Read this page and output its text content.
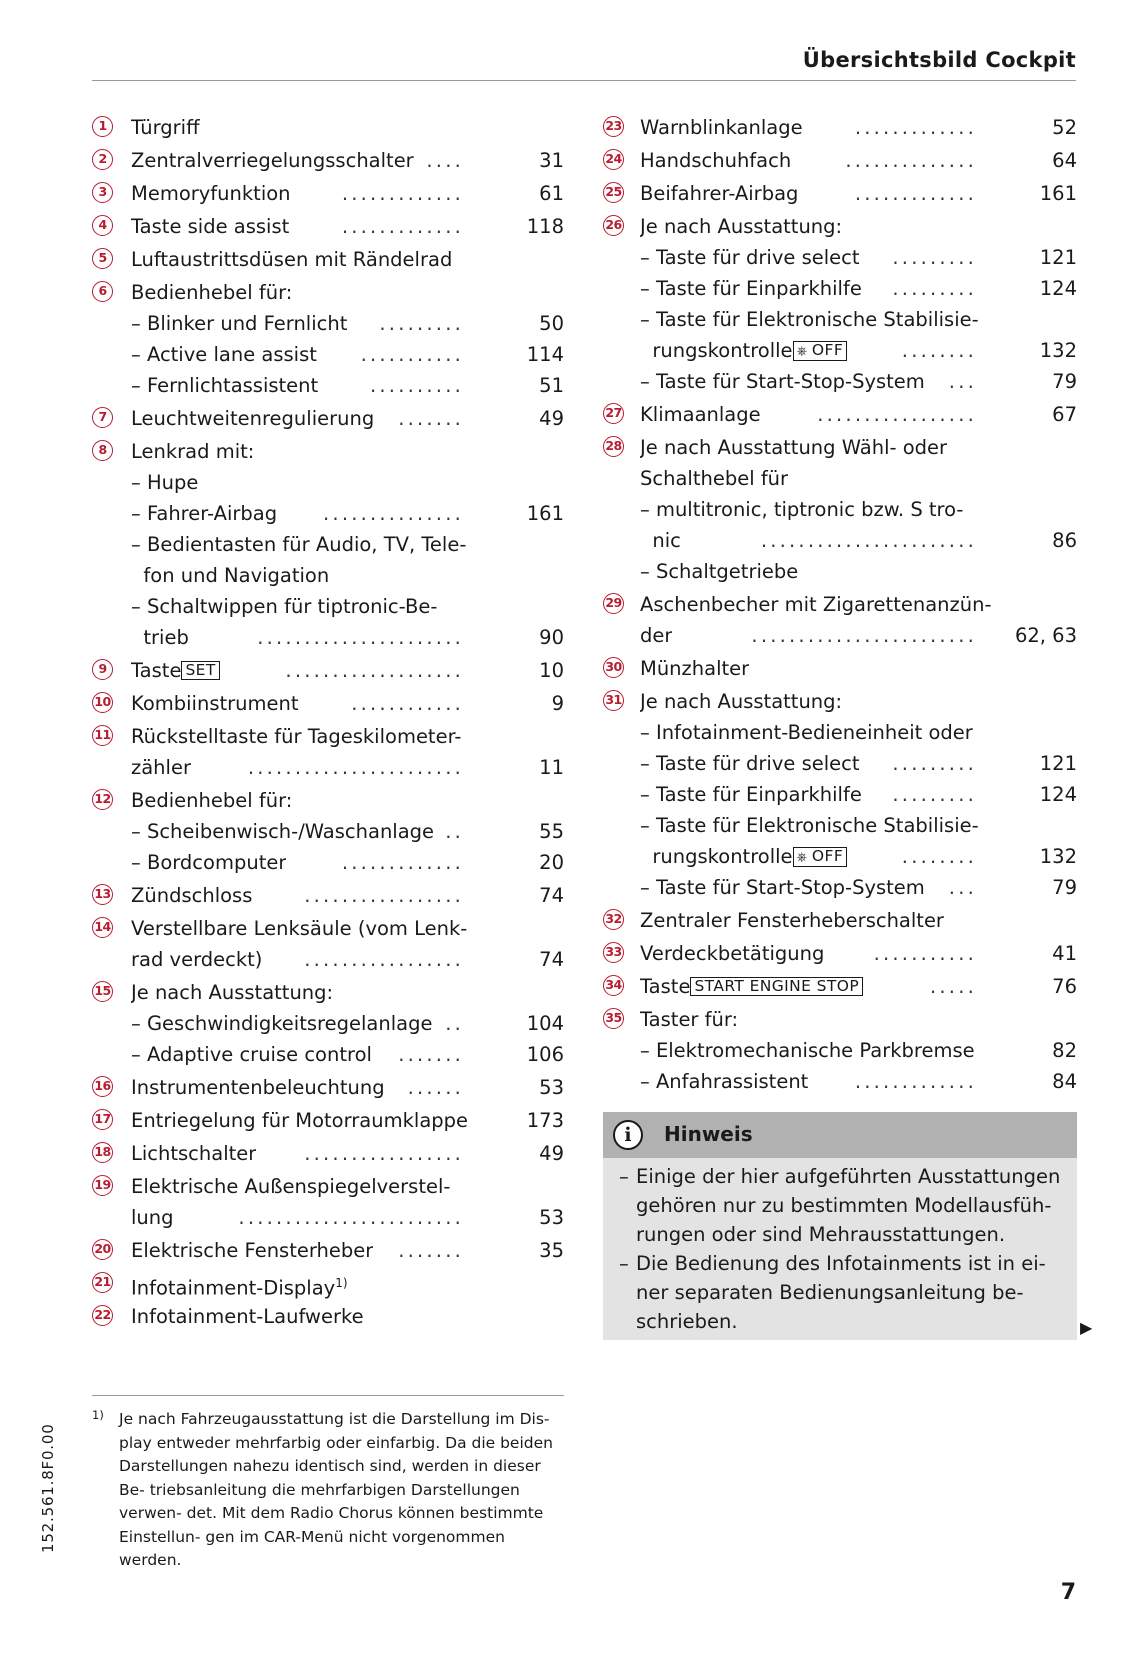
Übersichtsbild Cockpit
1	Türgriff
2	Zentralverriegelungsschalter ....	31
3	Memoryfunktion	.............	61
4	Taste side assist	.............	118
5	Luftaustrittsdüsen mit Rändelrad
6	Bedienhebel für:
– Blinker und Fernlicht	.........	50
– Active lane assist	...........	114
– Fernlichtassistent	..........	51
7	Leuchtweitenregulierung	.......	49
8	Lenkrad mit:
– Hupe
– Fahrer-Airbag	...............	161
– Bedientasten für Audio, TV, Tele-
fon und Navigation
– Schaltwippen für tiptronic-Be-
trieb	......................	90
9	Taste SET	...................	10
10 Kombiinstrument	............	9
11 Rückstelltaste für Tageskilometer-
zähler	.......................	11
12 Bedienhebel für:
– Scheibenwisch-/Waschanlage ..	55
– Bordcomputer	.............	20
13 Zündschloss	.................	74
14 Verstellbare Lenksäule (vom Lenk-
rad verdeckt)	.................	74
15 Je nach Ausstattung:
– Geschwindigkeitsregelanlage ..	104
– Adaptive cruise control	.......	106
16 Instrumentenbeleuchtung	......	53
17 Entriegelung für Motorraumklappe	173
18 Lichtschalter	.................	49
19 Elektrische Außenspiegelverstel-
lung	........................	53
20 Elektrische Fensterheber	.......	35
21 Infotainment-Display$^{1)}$
22 Infotainment-Laufwerke
23 Warnblinkanlage	.............	52
24 Handschuhfach	..............	64
25 Beifahrer-Airbag	.............	161
26 Je nach Ausstattung:
– Taste für drive select	.........	121
– Taste für Einparkhilfe	.........	124
– Taste für Elektronische Stabilisie-
rungskontrolle ⎈ OFF	........	132
– Taste für Start-Stop-System	...	79
27 Klimaanlage	.................	67
28 Je nach Ausstattung Wähl- oder
Schalthebel für
– multitronic, tiptronic bzw. S tro-
nic	.......................	86
– Schaltgetriebe
29 Aschenbecher mit Zigarettenanzün-
der	........................	62, 63
30 Münzhalter
31 Je nach Ausstattung:
– Infotainment-Bedieneinheit oder
– Taste für drive select	.........	121
– Taste für Einparkhilfe	.........	124
– Taste für Elektronische Stabilisie-
rungskontrolle ⎈ OFF	........	132
– Taste für Start-Stop-System	...	79
32 Zentraler Fensterheberschalter
33 Verdeckbetätigung	...........	41
34 Taste START ENGINE STOP	.....	76
35 Taster für:
– Elektromechanische Parkbremse	82
– Anfahrassistent	.............	84
i	Hinweis
– Einige der hier aufgeführten Ausstattungen gehören nur zu bestimmten Modellausfüh- rungen oder sind Mehrausstattungen.
– Die Bedienung des Infotainments ist in ei- ner separaten Bedienungsanleitung be- schrieben.	▶
1) Je nach Fahrzeugausstattung ist die Darstellung im Dis- play entweder mehrfarbig oder einfarbig. Da die beiden Darstellungen nahezu identisch sind, werden in dieser Be- triebsanleitung die mehrfarbigen Darstellungen verwen- det. Mit dem Radio Chorus können bestimmte Einstellun- gen im CAR-Menü nicht vorgenommen werden.
152.561.8F0.00
7
